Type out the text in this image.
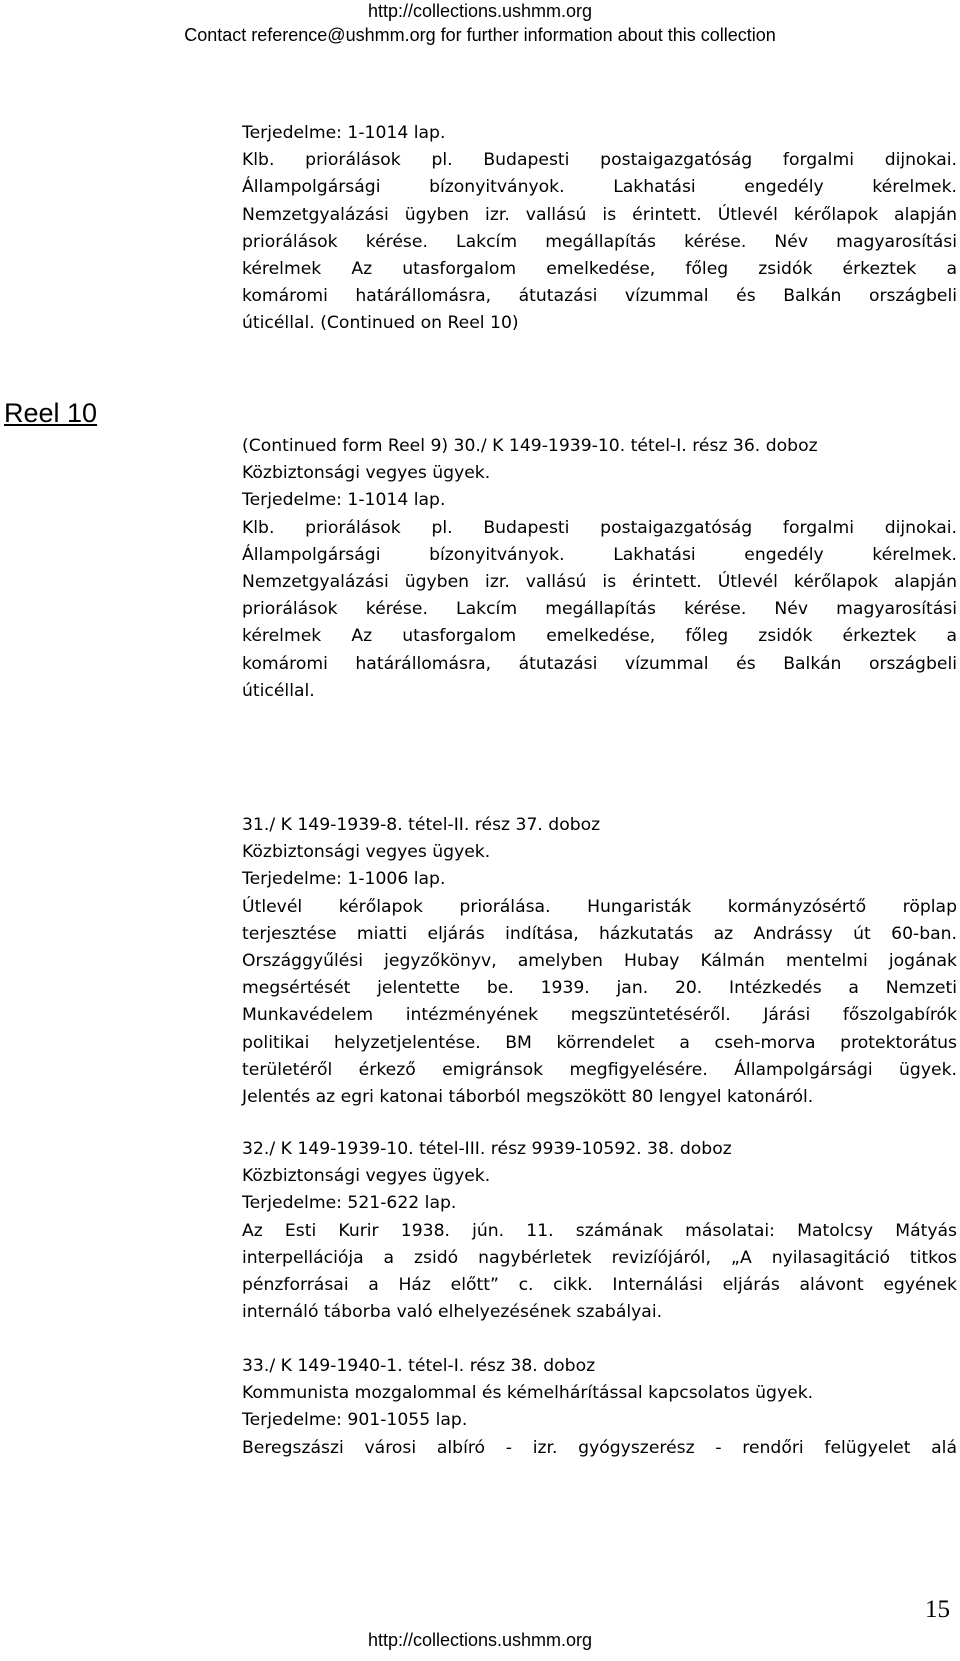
http://collections.ushmm.org
Contact reference@ushmm.org for further information about this collection
Reel 10
Terjedelme: 1-1014 lap.
Klb. priorálások pl. Budapesti postaigazgatóság forgalmi dijnokai.
Állampolgársági bízonyitványok. Lakhatási engedély kérelmek.
Nemzetgyalázási ügyben izr. vallású is érintett. Útlevél kérőlapok alapján
priorálások kérése. Lakcím megállapítás kérése. Név magyarosítási
kérelmek Az utasforgalom emelkedése, főleg zsidók érkeztek a
komáromi határállomásra, átutazási vízummal és Balkán országbeli
úticéllal. (Continued on Reel 10)
(Continued form Reel 9) 30./ K 149-1939-10. tétel-I. rész 36. doboz
Közbiztonsági vegyes ügyek.
Terjedelme: 1-1014 lap.
Klb. priorálások pl. Budapesti postaigazgatóság forgalmi dijnokai.
Állampolgársági bízonyitványok. Lakhatási engedély kérelmek.
Nemzetgyalázási ügyben izr. vallású is érintett. Útlevél kérőlapok alapján
priorálások kérése. Lakcím megállapítás kérése. Név magyarosítási
kérelmek Az utasforgalom emelkedése, főleg zsidók érkeztek a
komáromi határállomásra, átutazási vízummal és Balkán országbeli
úticéllal.
31./ K 149-1939-8. tétel-II. rész 37. doboz
Közbiztonsági vegyes ügyek.
Terjedelme: 1-1006 lap.
Útlevél kérőlapok priorálása. Hungaristák kormányzósértő röplap
terjesztése miatti eljárás indítása, házkutatás az Andrássy út 60-ban.
Országgyűlési jegyzőkönyv, amelyben Hubay Kálmán mentelmi jogának
megsértését jelentette be. 1939. jan. 20. Intézkedés a Nemzeti
Munkavédelem intézményének megszüntetéséről. Járási főszolgabírók
politikai helyzetjelentése. BM körrendelet a cseh-morva protektorátus
területéről érkező emigránsok megfigyelésére. Állampolgársági ügyek.
Jelentés az egri katonai táborból megszökött 80 lengyel katonáról.
32./ K 149-1939-10. tétel-III. rész 9939-10592. 38. doboz
Közbiztonsági vegyes ügyek.
Terjedelme: 521-622 lap.
Az Esti Kurir 1938. jún. 11. számának másolatai: Matolcsy Mátyás
interpellációja a zsidó nagybérletek revizíójáról, „A nyilasagitáció titkos
pénzforrásai a Ház előtt” c. cikk. Internálási eljárás alávont egyének
internáló táborba való elhelyezésének szabályai.
33./ K 149-1940-1. tétel-I. rész 38. doboz
Kommunista mozgalommal és kémelhárítással kapcsolatos ügyek.
Terjedelme: 901-1055 lap.
Beregszászi városi albíró - izr. gyógyszerész - rendőri felügyelet alá
15
http://collections.ushmm.org
